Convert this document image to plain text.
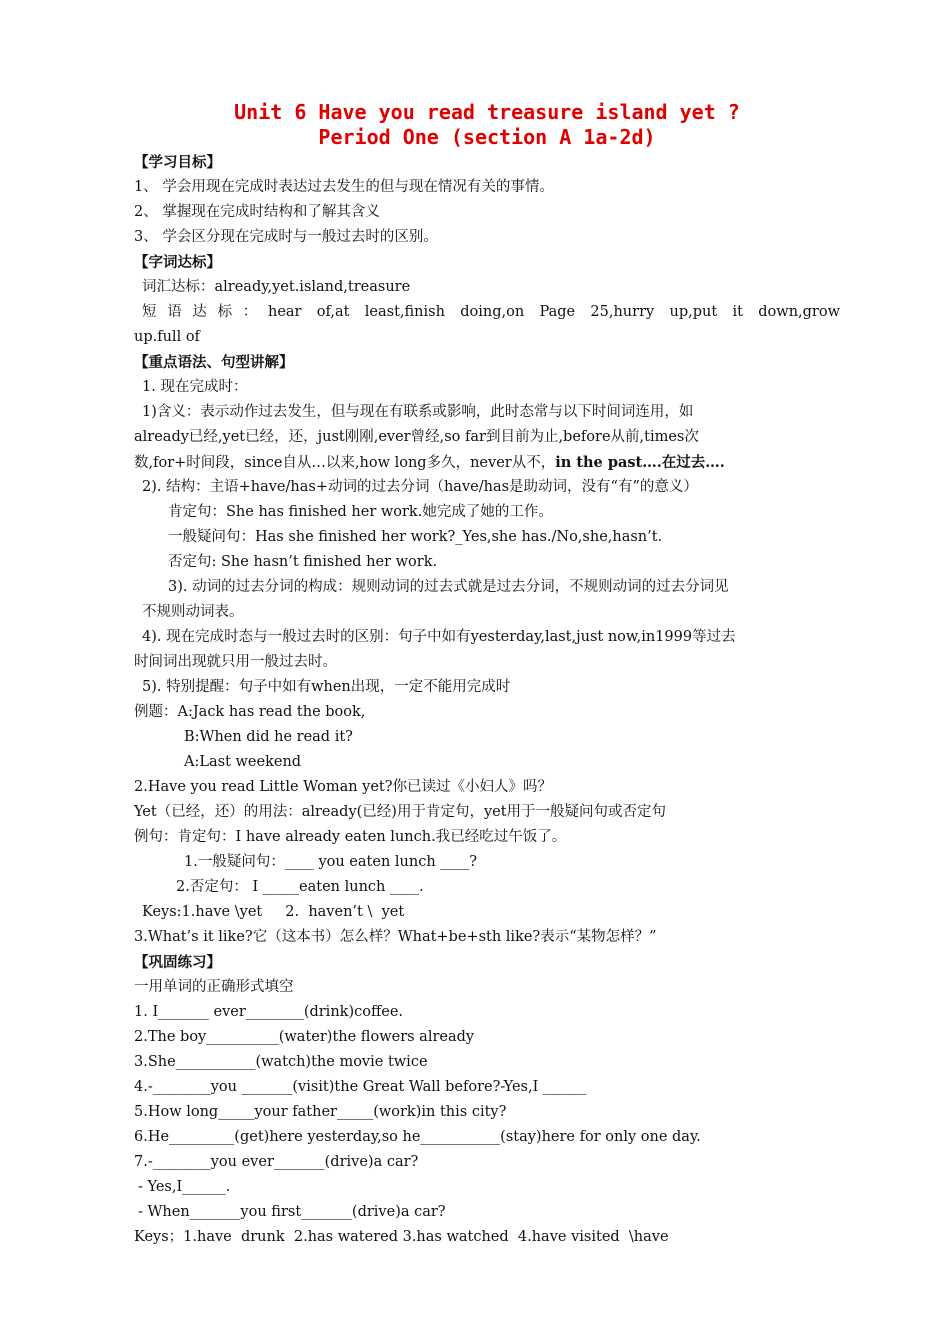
Unit 6 Have you read treasure island yet ?
Period One (section A 1a-2d)
【学习目标】
1、 学会用现在完成时表达过去发生的但与现在情况有关的事情。
2、 掌握现在完成时结构和了解其含义
3、 学会区分现在完成时与一般过去时的区别。
【字词达标】
词汇达标：already,yet.island,treasure
短语达标：hear of,at least,finish doing,on Page 25,hurry up,put it down,grow
up.full of
【重点语法、句型讲解】
1. 现在完成时：
1)含义：表示动作过去发生，但与现在有联系或影响，此时态常与以下时间词连用，如
already已经,yet已经，还，just刚刚,ever曾经,so far到目前为止,before从前,times次
数,for+时间段，since自从…以来,how long多久，never从不，in the past….在过去….
2). 结构：主语+have/has+动词的过去分词（have/has是助动词，没有“有”的意义）
肯定句：She has finished her work.她完成了她的工作。
一般疑问句：Has she finished her work?_Yes,she has./No,she,hasn’t.
否定句: She hasn’t finished her work.
3). 动词的过去分词的构成：规则动词的过去式就是过去分词，不规则动词的过去分词见
不规则动词表。
4). 现在完成时态与一般过去时的区别：句子中如有yesterday,last,just now,in1999等过去
时间词出现就只用一般过去时。
5). 特别提醒：句子中如有when出现，一定不能用完成时
例题：A:Jack has read the book,
B:When did he read it?
A:Last weekend
2.Have you read Little Woman yet?你已读过《小妇人》吗？
Yet（已经，还）的用法：already(已经)用于肯定句，yet用于一般疑问句或否定句
例句：肯定句：I have already eaten lunch.我已经吃过午饭了。
1.一般疑问句：____ you eaten lunch ____?
2.否定句： I _____eaten lunch ____.
Keys:1.have \yet     2.  haven’t \  yet
3.What’s it like?它（这本书）怎么样？What+be+sth like?表示“某物怎样？”
【巩固练习】
一用单词的正确形式填空
1. I_______ ever________(drink)coffee.
2.The boy__________(water)the flowers already
3.She___________(watch)the movie twice
4.-________you _______(visit)the Great Wall before?-Yes,I ______
5.How long_____your father_____(work)in this city?
6.He_________(get)here yesterday,so he___________(stay)here for only one day.
7.-________you ever_______(drive)a car?
- Yes,I______.
- When_______you first_______(drive)a car?
Keys；1.have  drunk  2.has watered 3.has watched  4.have visited  \have
